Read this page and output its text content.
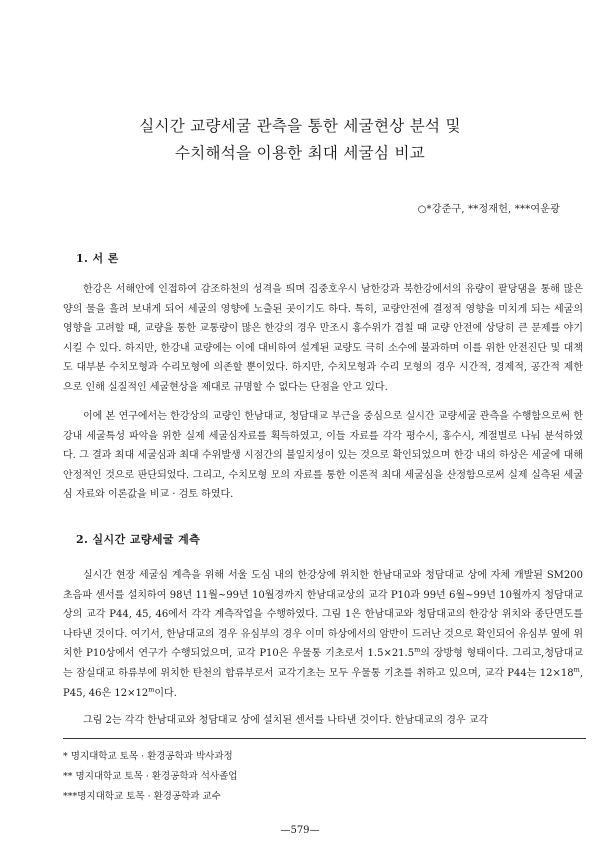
실시간 교량세굴 관측을 통한 세굴현상 분석 및
수치해석을 이용한 최대 세굴심 비교
○*강준구, **정재헌, ***여운광
1. 서 론

한강은 서해안에 인접하여 감조하천의 성격을 띄며 집중호우시 남한강과 북한강에서의 유량이 팔당댐을 통해 많은 양의 물을 흘려 보내게 되어 세굴의 영향에 노출된 곳이기도 하다. 특히, 교량안전에 결정적 영향을 미치게 되는 세굴의 영향을 고려할 때, 교량을 통한 교통량이 많은 한강의 경우 만조시 홍수위가 겹칠 때 교량 안전에 상당히 큰 문제를 야기시킬 수 있다. 하지만, 한강내 교량에는 이에 대비하여 설계된 교량도 극히 소수에 불과하며 이를 위한 안전진단 및 대책도 대부분 수치모형과 수리모형에 의존할 뿐이었다. 하지만, 수치모형과 수리 모형의 경우 시간적, 경제적, 공간적 제한으로 인해 실질적인 세굴현상을 제대로 규명할 수 없다는 단점을 안고 있다.

이에 본 연구에서는 한강상의 교량인 한남대교, 청담대교 부근을 중심으로 실시간 교량세굴 관측을 수행함으로써 한강내 세굴특성 파악을 위한 실제 세굴심자료를 획득하였고, 이들 자료를 각각 평수시, 홍수시, 계절별로 나눠 분석하였다. 그 결과 최대 세굴심과 최대 수위발생 시점간의 불일치성이 있는 것으로 확인되었으며 한강 내의 하상은 세굴에 대해 안정적인 것으로 판단되었다. 그리고, 수치모형 모의 자료를 통한 이론적 최대 세굴심을 산정함으로써 실제 실측된 세굴심 자료와 이론값을 비교 · 검토 하였다.

2. 실시간 교량세굴 계측

실시간 현장 세굴심 계측을 위해 서울 도심 내의 한강상에 위치한 한남대교와 청담대교 상에 자체 개발된 SM200 초음파 센서를 설치하여 98년 11월~99년 10월경까지 한남대교상의 교각 P10과 99년 6월~99년 10월까지 청담대교상의 교각 P44, 45, 46에서 각각 계측작업을 수행하였다. 그림 1은 한남대교와 청담대교의 한강상 위치와 종단면도를 나타낸 것이다. 여기서, 한남대교의 경우 유심부의 경우 이미 하상에서의 암반이 드러난 것으로 확인되어 유심부 옆에 위치한 P10상에서 연구가 수행되었으며, 교각 P10은 우물통 기초로서 $1.5\times 21.5^m$의 장방형 형태이다. 그리고,청담대교는 잠실대교 하류부에 위치한 탄천의 합류부로서 교각기초는 모두 우물통 기초를 취하고 있으며, 교각 P44는 $12\times 18^m$, P45, 46은 $12\times 12^m$이다.

그림 2는 각각 한남대교와 청담대교 상에 설치된 센서를 나타낸 것이다. 한남대교의 경우 교각

* 명지대학교 토목 · 환경공학과 박사과정
** 명지대학교 토목 · 환경공학과 석사졸업
***명지대학교 토목 · 환경공학과 교수
—579—
